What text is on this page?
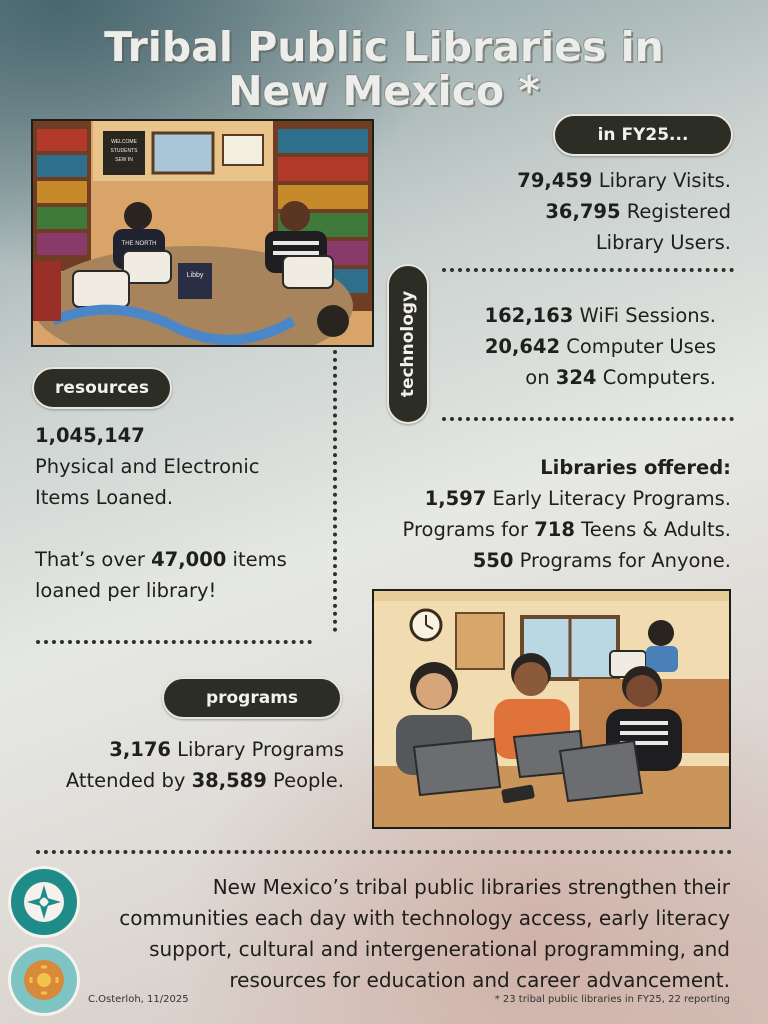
Tribal Public Libraries in
New Mexico *
WELCOME
STUDENTS
SEW IN
THE NORTH
Libby
in FY25...
79,459 Library Visits.
36,795 Registered
Library Users.
technology	162,163 WiFi Sessions.
20,642 Computer Uses
on 324 Computers.
Libraries offered:
1,597 Early Literacy Programs.
Programs for 718 Teens & Adults.
550 Programs for Anyone.
resources
1,045,147
Physical and Electronic
Items Loaned.
That’s over 47,000 items
loaned per library!
programs
3,176 Library Programs
Attended by 38,589 People.
New Mexico’s tribal public libraries strengthen their
communities each day with technology access, early literacy
support, cultural and intergenerational programming, and
resources for education and career advancement.
C.Osterloh, 11/2025	* 23 tribal public libraries in FY25, 22 reporting
